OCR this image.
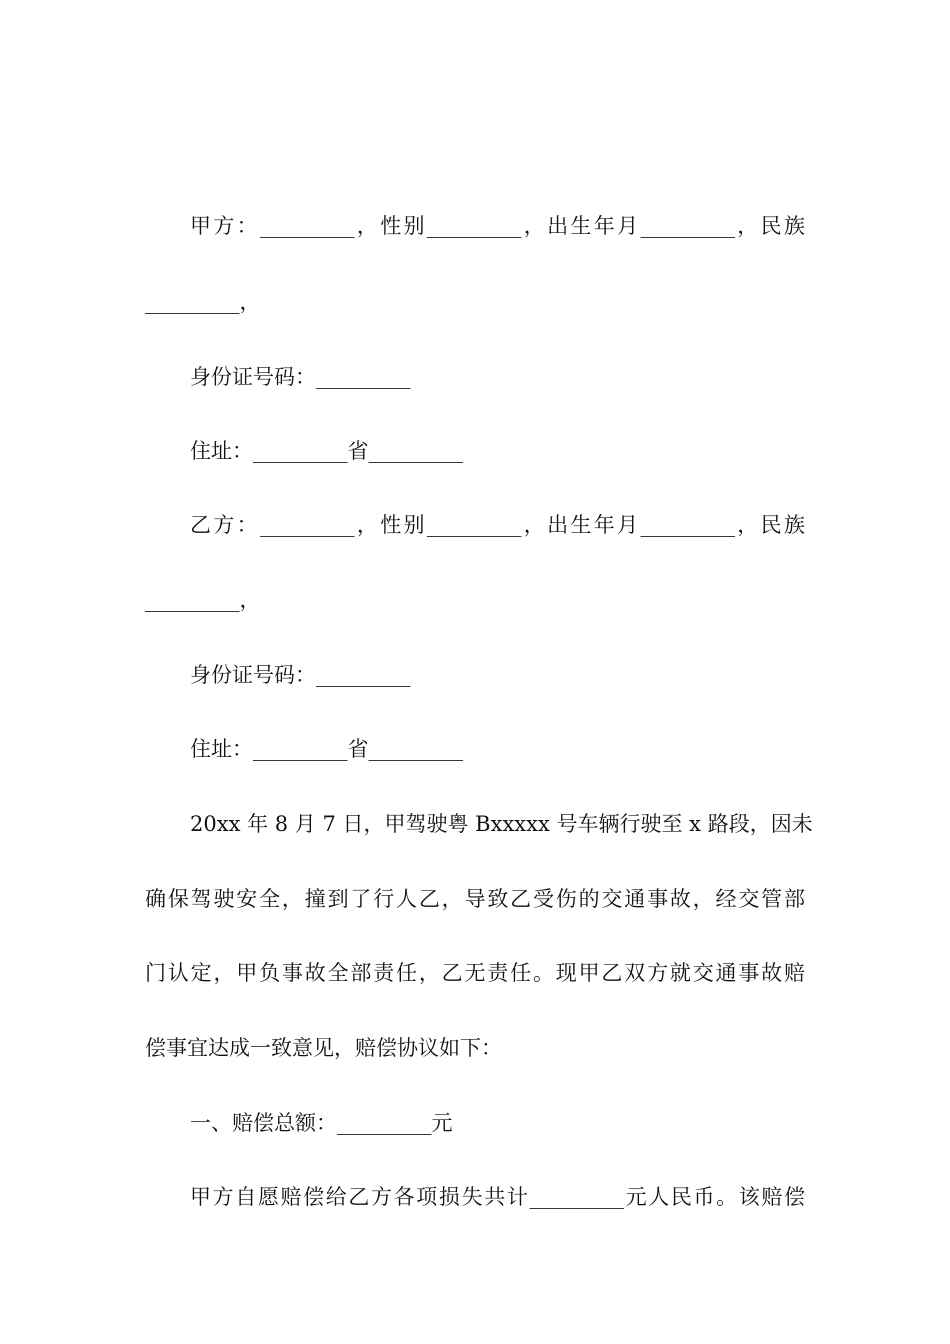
甲方：_________，性别_________，出生年月_________，民族
_________，
身份证号码：_________
住址：_________省_________
乙方：_________，性别_________，出生年月_________，民族
_________，
身份证号码：_________
住址：_________省_________
20xx 年 8 月 7 日，甲驾驶粤 Bxxxxx 号车辆行驶至 x 路段，因未
确保驾驶安全，撞到了行人乙，导致乙受伤的交通事故，经交管部
门认定，甲负事故全部责任，乙无责任。现甲乙双方就交通事故赔
偿事宜达成一致意见，赔偿协议如下：
一、赔偿总额：_________元
甲方自愿赔偿给乙方各项损失共计_________元人民币。该赔偿
